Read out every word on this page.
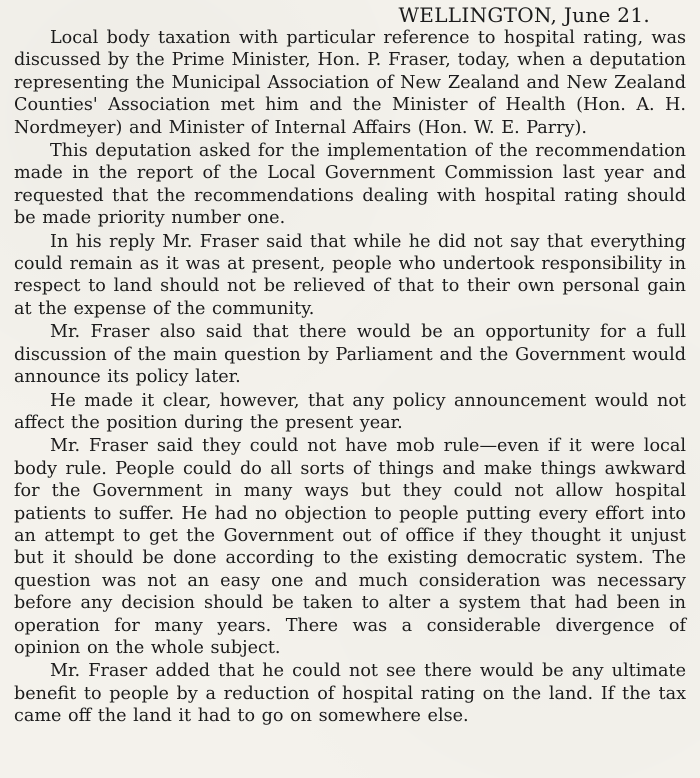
WELLINGTON, June 21.

Local body taxation with particular reference to hospital rating, was discussed by the Prime Minister, Hon. P. Fraser, today, when a deputation representing the Municipal Association of New Zealand and New Zealand Counties' Association met him and the Minister of Health (Hon. A. H. Nordmeyer) and Minister of Internal Affairs (Hon. W. E. Parry).

This deputation asked for the implementation of the recommendation made in the report of the Local Government Commission last year and requested that the recommendations dealing with hospital rating should be made priority number one.

In his reply Mr. Fraser said that while he did not say that everything could remain as it was at present, people who undertook responsibility in respect to land should not be relieved of that to their own personal gain at the expense of the community.

Mr. Fraser also said that there would be an opportunity for a full discussion of the main question by Parliament and the Government would announce its policy later.

He made it clear, however, that any policy announcement would not affect the position during the present year.

Mr. Fraser said they could not have mob rule—even if it were local body rule. People could do all sorts of things and make things awkward for the Government in many ways but they could not allow hospital patients to suffer. He had no objection to people putting every effort into an attempt to get the Government out of office if they thought it unjust but it should be done according to the existing democratic system. The question was not an easy one and much consideration was necessary before any decision should be taken to alter a system that had been in operation for many years. There was a considerable divergence of opinion on the whole subject.

Mr. Fraser added that he could not see there would be any ultimate benefit to people by a reduction of hospital rating on the land. If the tax came off the land it had to go on somewhere else.
